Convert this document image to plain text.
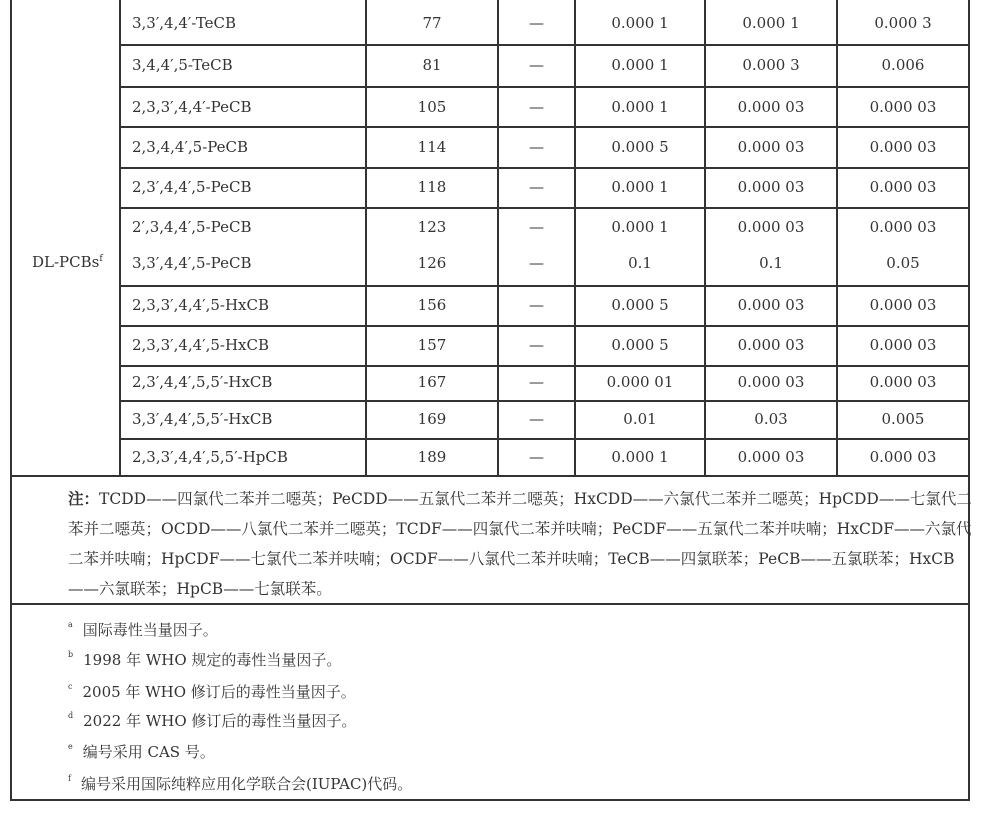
DL-PCBs$^f$
3,3′,4,4′-TeCB	77	—	0.000 1	0.000 1	0.000 3
3,4,4′,5-TeCB	81	—	0.000 1	0.000 3	0.006
2,3,3′,4,4′-PeCB	105	—	0.000 1	0.000 03	0.000 03
2,3,4,4′,5-PeCB	114	—	0.000 5	0.000 03	0.000 03
2,3′,4,4′,5-PeCB	118	—	0.000 1	0.000 03	0.000 03
2′,3,4,4′,5-PeCB	123	—	0.000 1	0.000 03	0.000 03
3,3′,4,4′,5-PeCB	126	—	0.1	0.1	0.05
2,3,3′,4,4′,5-HxCB	156	—	0.000 5	0.000 03	0.000 03
2,3,3′,4,4′,5-HxCB	157	—	0.000 5	0.000 03	0.000 03
2,3′,4,4′,5,5′-HxCB	167	—	0.000 01	0.000 03	0.000 03
3,3′,4,4′,5,5′-HxCB	169	—	0.01	0.03	0.005
2,3,3′,4,4′,5,5′-HpCB	189	—	0.000 1	0.000 03	0.000 03
注：TCDD——四氯代二苯并二噁英；PeCDD——五氯代二苯并二噁英；HxCDD——六氯代二苯并二噁英；HpCDD——七氯代二苯并二噁英；OCDD——八氯代二苯并二噁英；TCDF——四氯代二苯并呋喃；PeCDF——五氯代二苯并呋喃；HxCDF——六氯代二苯并呋喃；HpCDF——七氯代二苯并呋喃；OCDF——八氯代二苯并呋喃；TeCB——四氯联苯；PeCB——五氯联苯；HxCB——六氯联苯；HpCB——七氯联苯。
$^a$ 国际毒性当量因子。
$^b$ 1998 年 WHO 规定的毒性当量因子。
$^c$ 2005 年 WHO 修订后的毒性当量因子。
$^d$ 2022 年 WHO 修订后的毒性当量因子。
$^e$ 编号采用 CAS 号。
$^f$ 编号采用国际纯粹应用化学联合会(IUPAC)代码。
